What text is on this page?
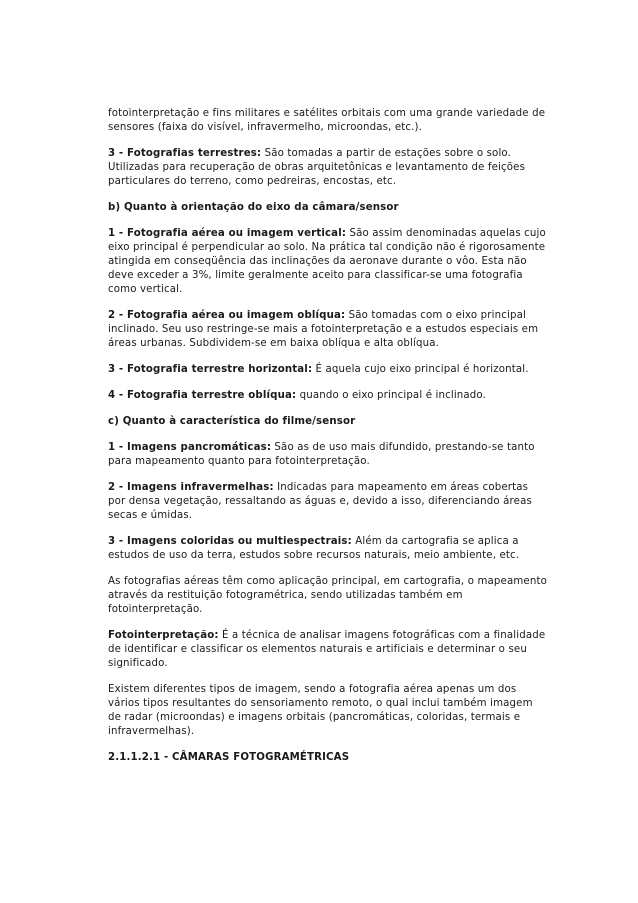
fotointerpretação e fins militares e satélites orbitais com uma grande variedade de sensores (faixa do visível, infravermelho, microondas, etc.).

3 - Fotografias terrestres: São tomadas a partir de estações sobre o solo. Utilizadas para recuperação de obras arquitetônicas e levantamento de feições particulares do terreno, como pedreiras, encostas, etc.

b) Quanto à orientação do eixo da câmara/sensor

1 - Fotografia aérea ou imagem vertical: São assim denominadas aquelas cujo eixo principal é perpendicular ao solo. Na prática tal condição não é rigorosamente atingida em conseqüência das inclinações da aeronave durante o vôo. Esta não deve exceder a 3%, limite geralmente aceito para classificar-se uma fotografia como vertical.

2 - Fotografia aérea ou imagem oblíqua: São tomadas com o eixo principal inclinado. Seu uso restringe-se mais a fotointerpretação e a estudos especiais em áreas urbanas. Subdividem-se em baixa oblíqua e alta oblíqua.

3 - Fotografia terrestre horizontal: É aquela cujo eixo principal é horizontal.

4 - Fotografia terrestre oblíqua: quando o eixo principal é inclinado.

c) Quanto à característica do filme/sensor

1 - Imagens pancromáticas: São as de uso mais difundido, prestando-se tanto para mapeamento quanto para fotointerpretação.

2 - Imagens infravermelhas: Indicadas para mapeamento em áreas cobertas por densa vegetação, ressaltando as águas e, devido a isso, diferenciando áreas secas e úmidas.

3 - Imagens coloridas ou multiespectrais: Além da cartografia se aplica a estudos de uso da terra, estudos sobre recursos naturais, meio ambiente, etc.

As fotografias aéreas têm como aplicação principal, em cartografia, o mapeamento através da restituição fotogramétrica, sendo utilizadas também em fotointerpretação.

Fotointerpretação: É a técnica de analisar imagens fotográficas com a finalidade de identificar e classificar os elementos naturais e artificiais e determinar o seu significado.

Existem diferentes tipos de imagem, sendo a fotografia aérea apenas um dos vários tipos resultantes do sensoriamento remoto, o qual inclui também imagem de radar (microondas) e imagens orbitais (pancromáticas, coloridas, termais e infravermelhas).

2.1.1.2.1 - CÂMARAS FOTOGRAMÉTRICAS
